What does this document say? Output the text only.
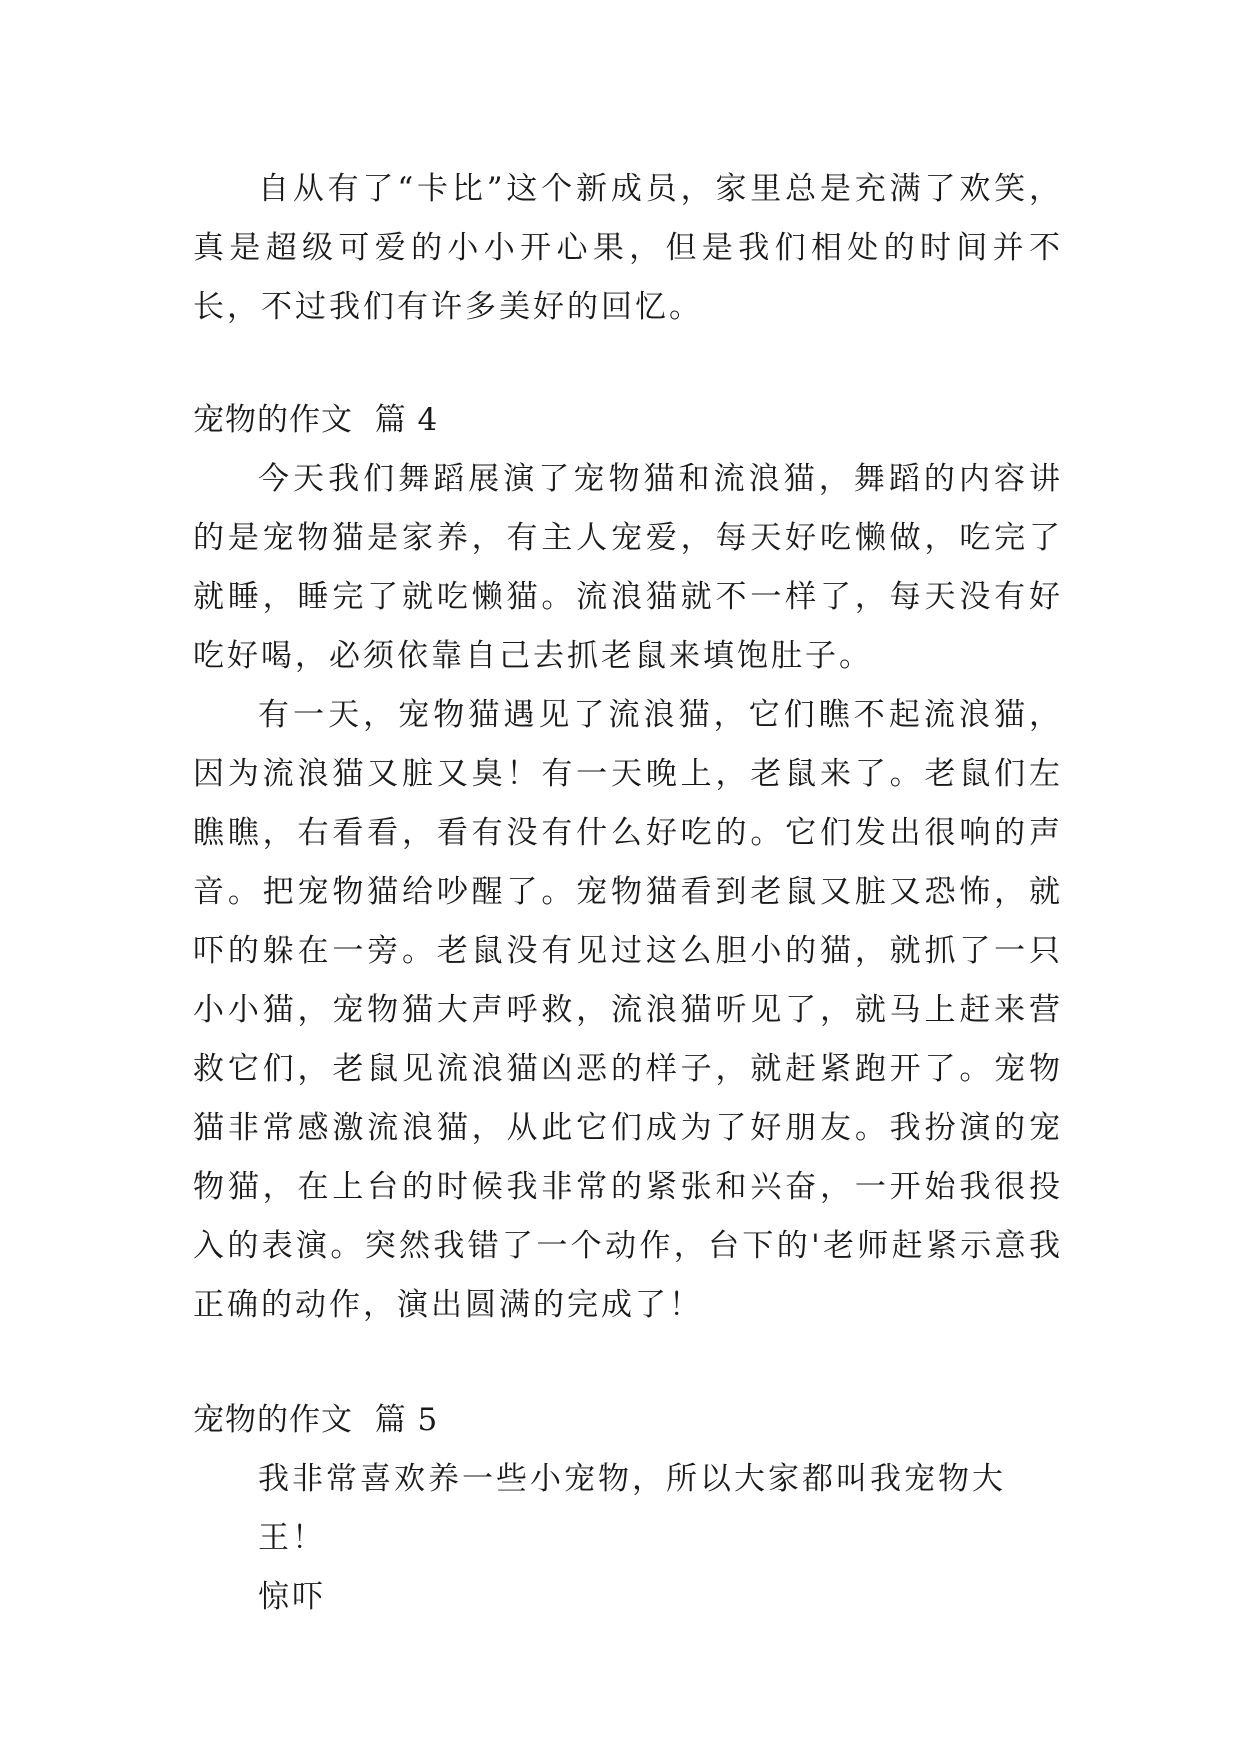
自从有了“卡比”这个新成员，家里总是充满了欢笑，真是超级可爱的小小开心果，但是我们相处的时间并不长，不过我们有许多美好的回忆。

宠物的作文  篇 4

今天我们舞蹈展演了宠物猫和流浪猫，舞蹈的内容讲的是宠物猫是家养，有主人宠爱，每天好吃懒做，吃完了就睡，睡完了就吃懒猫。流浪猫就不一样了，每天没有好吃好喝，必须依靠自己去抓老鼠来填饱肚子。

有一天，宠物猫遇见了流浪猫，它们瞧不起流浪猫，因为流浪猫又脏又臭！有一天晚上，老鼠来了。老鼠们左瞧瞧，右看看，看有没有什么好吃的。它们发出很响的声音。把宠物猫给吵醒了。宠物猫看到老鼠又脏又恐怖，就吓的躲在一旁。老鼠没有见过这么胆小的猫，就抓了一只小小猫，宠物猫大声呼救，流浪猫听见了，就马上赶来营救它们，老鼠见流浪猫凶恶的样子，就赶紧跑开了。宠物猫非常感激流浪猫，从此它们成为了好朋友。我扮演的宠物猫，在上台的时候我非常的紧张和兴奋，一开始我很投入的表演。突然我错了一个动作，台下的'老师赶紧示意我正确的动作，演出圆满的完成了！

宠物的作文  篇 5

我非常喜欢养一些小宠物，所以大家都叫我宠物大王！

惊吓
